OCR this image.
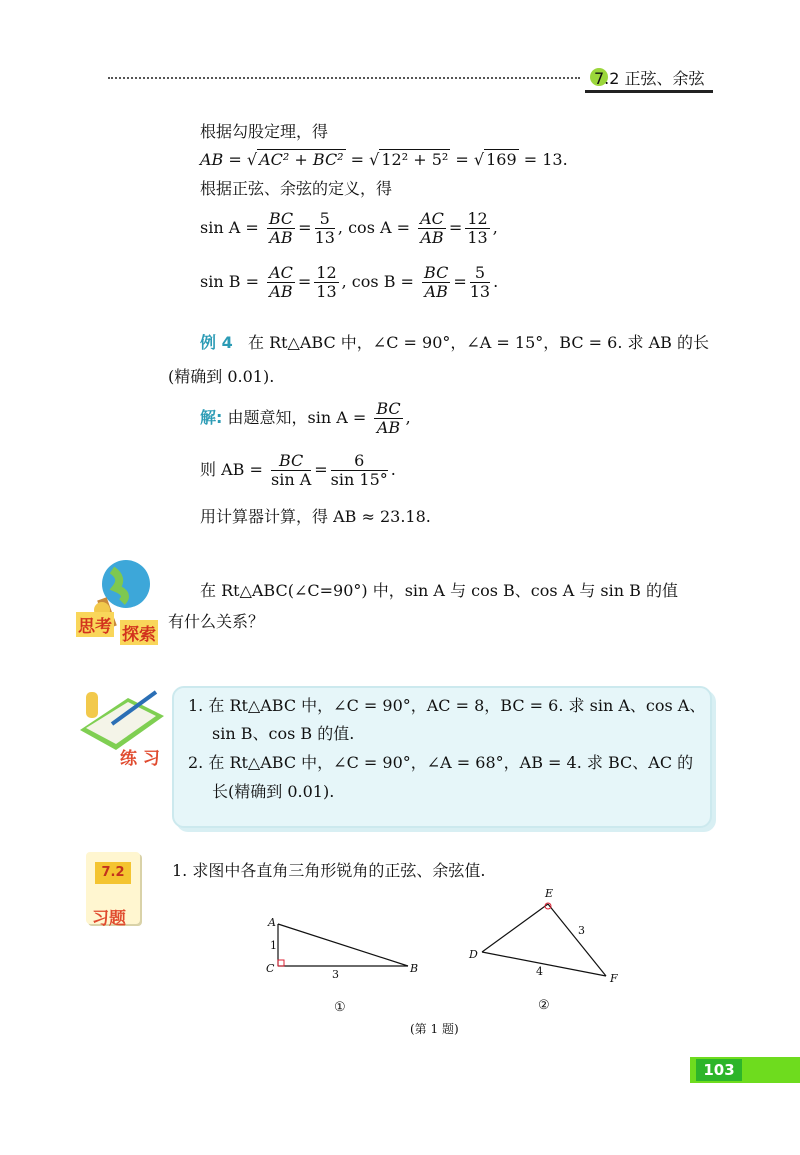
7.2 正弦、余弦
根据勾股定理，得
AB = √ AC² + BC² = √ 12² + 5² = √ 169 = 13.
根据正弦、余弦的定义，得
$\sin A = \frac{BC}{AB} = \frac{5}{13}$ , $\cos A = \frac{AC}{AB} = \frac{12}{13}$ ,
$\sin B = \frac{AC}{AB} = \frac{12}{13}$ , $\cos B = \frac{BC}{AB} = \frac{5}{13}$ .
例 4 在 Rt△ABC 中，∠C = 90°，∠A = 15°，BC = 6. 求 AB 的长
(精确到 0.01).
解: 由题意知，$\sin A = \frac{BC}{AB}$ ,
则 AB = $\frac{BC}{\text{sin A}} = \frac{6}{\sin 15^\circ}$ .
用计算器计算，得 AB ≈ 23.18.
思考 探索
在 Rt△ABC(∠C=90°) 中，sin A 与 cos B、cos A 与 sin B 的值
有什么关系？
练 习
1. 在 Rt△ABC 中，∠C = 90°，AC = 8，BC = 6. 求 sin A、cos A、
sin B、cos B 的值.
2. 在 Rt△ABC 中，∠C = 90°，∠A = 68°，AB = 4. 求 BC、AC 的
长(精确到 0.01).
7.2
习题
1. 求图中各直角三角形锐角的正弦、余弦值.
A
C	B
1
3
①
E
D
F
3
4
②
(第 1 题)
103
